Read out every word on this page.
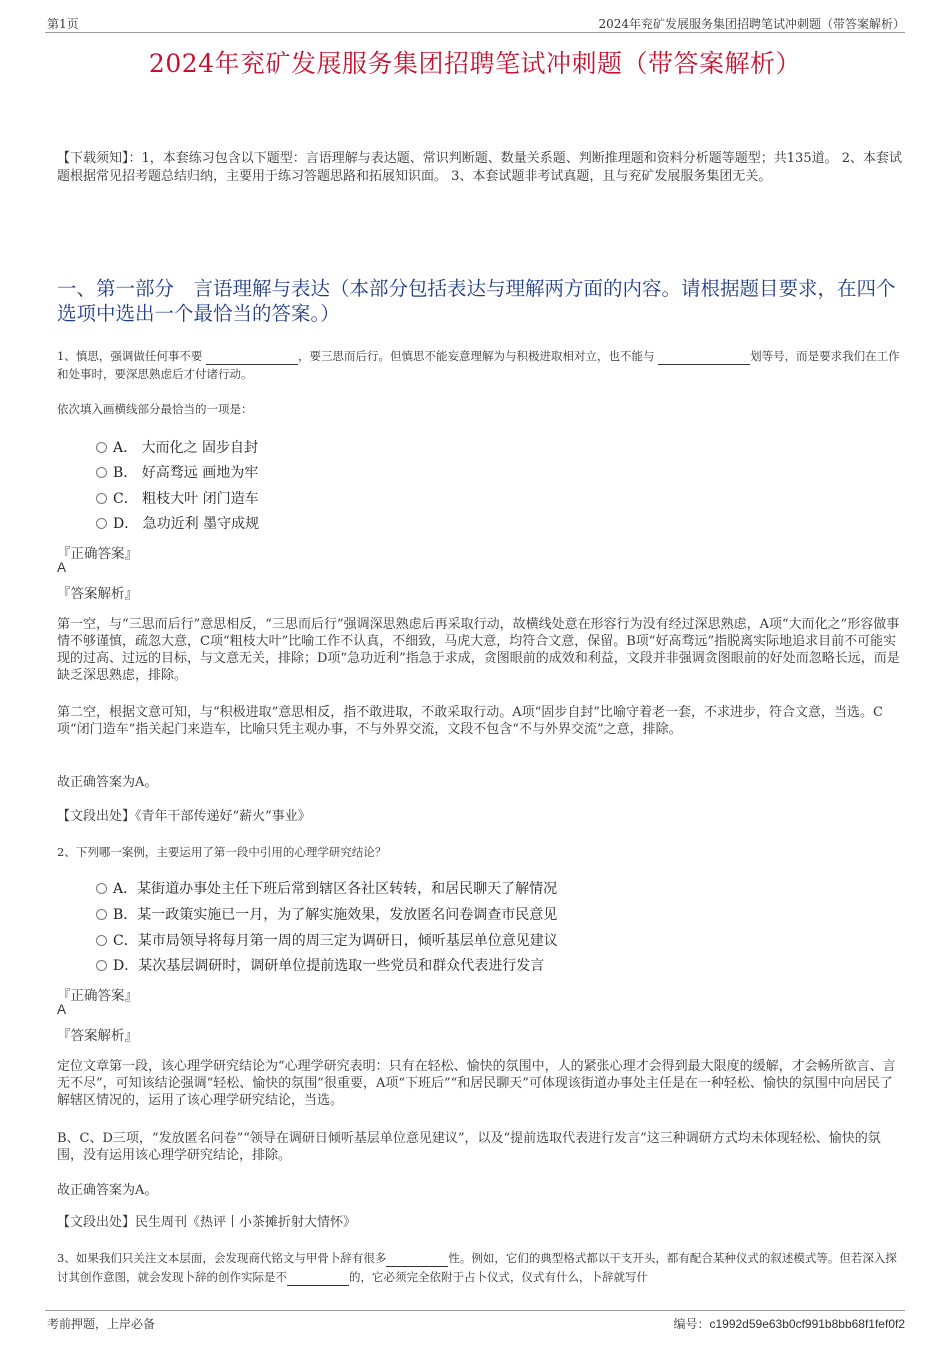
第1页	2024年兖矿发展服务集团招聘笔试冲刺题（带答案解析）
2024年兖矿发展服务集团招聘笔试冲刺题（带答案解析）
【下载须知】：1，本套练习包含以下题型：言语理解与表达题、常识判断题、数量关系题、判断推理题和资料分析题等题型；共135道。 2、本套试题根据常见招考题总结归纳，主要用于练习答题思路和拓展知识面。 3、本套试题非考试真题，且与兖矿发展服务集团无关。
一、第一部分　言语理解与表达（本部分包括表达与理解两方面的内容。请根据题目要求，在四个选项中选出一个最恰当的答案。）
1、慎思，强调做任何事不要	，要三思而后行。但慎思不能妄意理解为与积极进取相对立，也不能与	划等号，而是要求我们在工作和处事时，要深思熟虑后才付诸行动。
依次填入画横线部分最恰当的一项是：
A． 大而化之 固步自封
B． 好高骛远 画地为牢
C． 粗枝大叶 闭门造车
D． 急功近利 墨守成规
『正确答案』
A
『答案解析』
第一空，与“三思而后行”意思相反，“三思而后行”强调深思熟虑后再采取行动，故横线处意在形容行为没有经过深思熟虑，A项“大而化之”形容做事情不够谨慎，疏忽大意，C项“粗枝大叶”比喻工作不认真，不细致，马虎大意，均符合文意，保留。B项“好高骛远”指脱离实际地追求目前不可能实现的过高、过远的目标，与文意无关，排除；D项“急功近利”指急于求成，贪图眼前的成效和利益，文段并非强调贪图眼前的好处而忽略长远，而是缺乏深思熟虑，排除。
第二空，根据文意可知，与“积极进取”意思相反，指不敢进取，不敢采取行动。A项“固步自封”比喻守着老一套，不求进步，符合文意，当选。C项“闭门造车”指关起门来造车，比喻只凭主观办事，不与外界交流，文段不包含“不与外界交流”之意，排除。
故正确答案为A。
【文段出处】《青年干部传递好“薪火”事业》
2、下列哪一案例，主要运用了第一段中引用的心理学研究结论？
A．某街道办事处主任下班后常到辖区各社区转转，和居民聊天了解情况
B．某一政策实施已一月，为了解实施效果，发放匿名问卷调查市民意见
C．某市局领导将每月第一周的周三定为调研日，倾听基层单位意见建议
D．某次基层调研时，调研单位提前选取一些党员和群众代表进行发言
『正确答案』
A
『答案解析』
定位文章第一段，该心理学研究结论为“心理学研究表明：只有在轻松、愉快的氛围中，人的紧张心理才会得到最大限度的缓解，才会畅所欲言、言无不尽”，可知该结论强调“轻松、愉快的氛围”很重要，A项“下班后”“和居民聊天”可体现该街道办事处主任是在一种轻松、愉快的氛围中向居民了解辖区情况的，运用了该心理学研究结论，当选。
B、C、D三项，“发放匿名问卷”“领导在调研日倾听基层单位意见建议”，以及“提前选取代表进行发言”这三种调研方式均未体现轻松、愉快的氛围，没有运用该心理学研究结论，排除。
故正确答案为A。
【文段出处】民生周刊《热评丨小茶摊折射大情怀》
3、如果我们只关注文本层面，会发现商代铭文与甲骨卜辞有很多	性。例如，它们的典型格式都以干支开头，都有配合某种仪式的叙述模式等。但若深入探讨其创作意图，就会发现卜辞的创作实际是不	的，它必须完全依附于占卜仪式，仪式有什么，卜辞就写什
考前押题，上岸必备	编号：c1992d59e63b0cf991b8bb68f1fef0f2
